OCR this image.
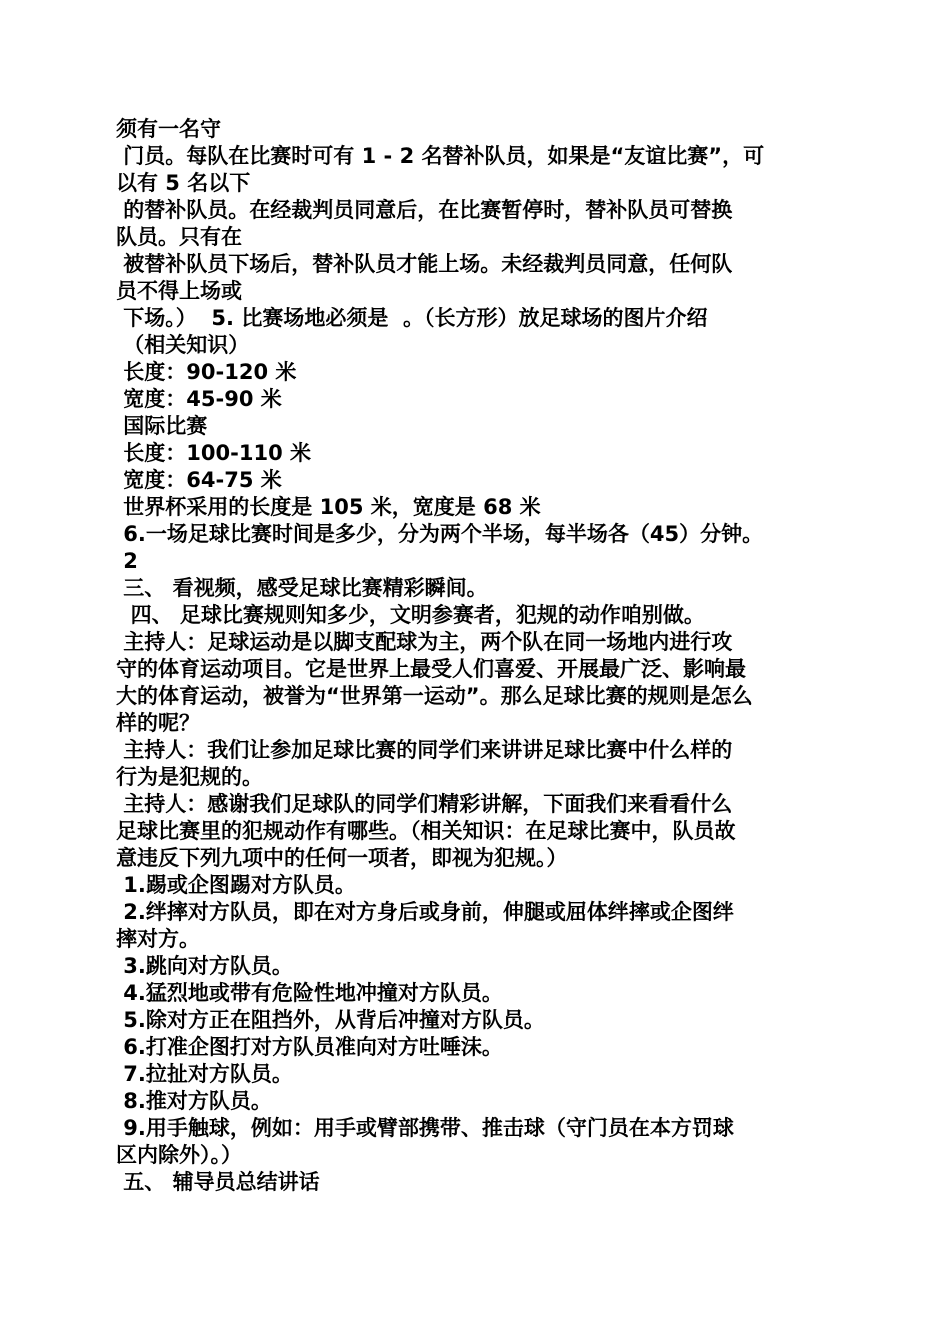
须有一名守
门员。每队在比赛时可有 1 - 2 名替补队员，如果是“友谊比赛”，可
以有 5 名以下
的替补队员。在经裁判员同意后，在比赛暂停时，替补队员可替换
队员。只有在
被替补队员下场后，替补队员才能上场。未经裁判员同意，任何队
员不得上场或
下场。）  5. 比赛场地必须是  。（长方形）放足球场的图片介绍
（相关知识）
长度：90-120 米
宽度：45-90 米
国际比赛
长度：100-110 米
宽度：64-75 米
世界杯采用的长度是 105 米，宽度是 68 米
6.一场足球比赛时间是多少，分为两个半场，每半场各（45）分钟。
2
三、 看视频，感受足球比赛精彩瞬间。
四、 足球比赛规则知多少，文明参赛者，犯规的动作咱别做。
主持人：足球运动是以脚支配球为主，两个队在同一场地内进行攻
守的体育运动项目。它是世界上最受人们喜爱、开展最广泛、影响最
大的体育运动，被誉为“世界第一运动”。那么足球比赛的规则是怎么
样的呢？
主持人：我们让参加足球比赛的同学们来讲讲足球比赛中什么样的
行为是犯规的。
主持人：感谢我们足球队的同学们精彩讲解，下面我们来看看什么
足球比赛里的犯规动作有哪些。（相关知识：在足球比赛中，队员故
意违反下列九项中的任何一项者，即视为犯规。）
1.踢或企图踢对方队员。
2.绊摔对方队员，即在对方身后或身前，伸腿或屈体绊摔或企图绊
摔对方。
3.跳向对方队员。
4.猛烈地或带有危险性地冲撞对方队员。
5.除对方正在阻挡外，从背后冲撞对方队员。
6.打准企图打对方队员准向对方吐唾沫。
7.拉扯对方队员。
8.推对方队员。
9.用手触球，例如：用手或臂部携带、推击球（守门员在本方罚球
区内除外）。）
五、 辅导员总结讲话
